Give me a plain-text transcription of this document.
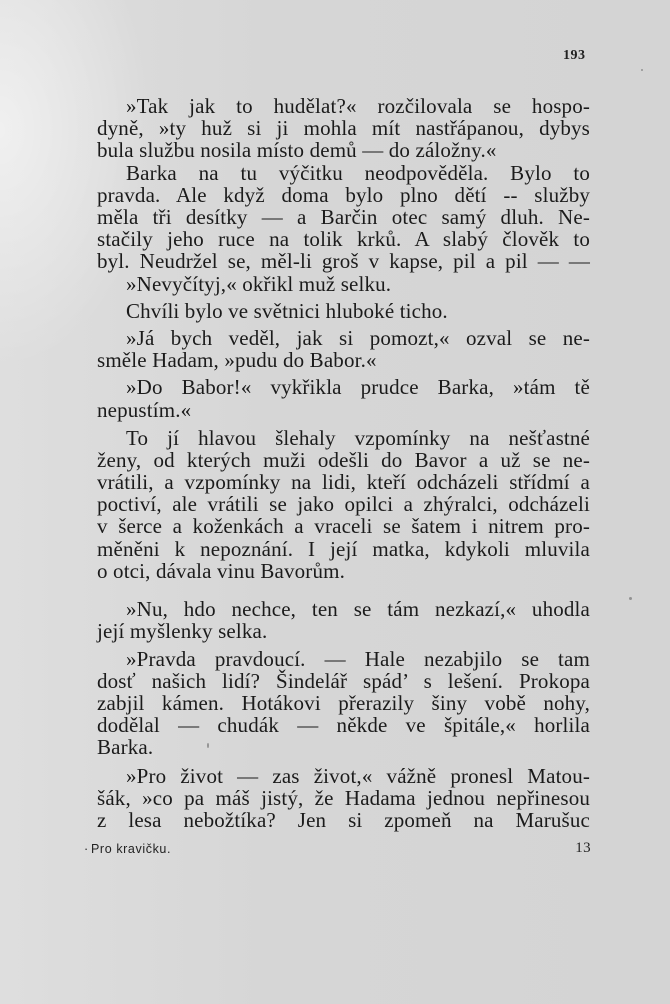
193
»Tak jak to hudělat?« rozčilovala se hospo-
dyně, »ty huž si ji mohla mít nastřápanou, dybys
bula službu nosila místo demů — do záložny.«
Barka na tu výčitku neodpověděla. Bylo to
pravda. Ale když doma bylo plno dětí -- služby
měla tři desítky — a Barčin otec samý dluh. Ne-
stačily jeho ruce na tolik krků. A slabý člověk to
byl. Neudržel se, měl-li groš v kapse, pil a pil — —
»Nevyčítyj,« okřikl muž selku.
Chvíli bylo ve světnici hluboké ticho.
»Já bych veděl, jak si pomozt,« ozval se ne-
směle Hadam, »pudu do Babor.«
»Do Babor!« vykřikla prudce Barka, »tám tě
nepustím.«
To jí hlavou šlehaly vzpomínky na nešťastné
ženy, od kterých muži odešli do Bavor a už se ne-
vrátili, a vzpomínky na lidi, kteří odcházeli střídmí a
poctiví, ale vrátili se jako opilci a zhýralci, odcházeli
v šerce a koženkách a vraceli se šatem i nitrem pro-
měněni k nepoznání. I její matka, kdykoli mluvila
o otci, dávala vinu Bavorům.
»Nu, hdo nechce, ten se tám nezkazí,« uhodla
její myšlenky selka.
»Pravda pravdoucí. — Hale nezabjilo se tam
dosť našich lidí? Šindelář spád’ s lešení. Prokopa
zabjil kámen. Hotákovi přerazily šiny vobě nohy,
dodělal — chudák — někde ve špitále,« horlila
Barka.
»Pro život — zas život,« vážně pronesl Matou-
šák, »co pa máš jistý, že Hadama jednou nepřinesou
z lesa nebožtíka? Jen si zpomeň na Marušuc
· Pro kravičku.	13
